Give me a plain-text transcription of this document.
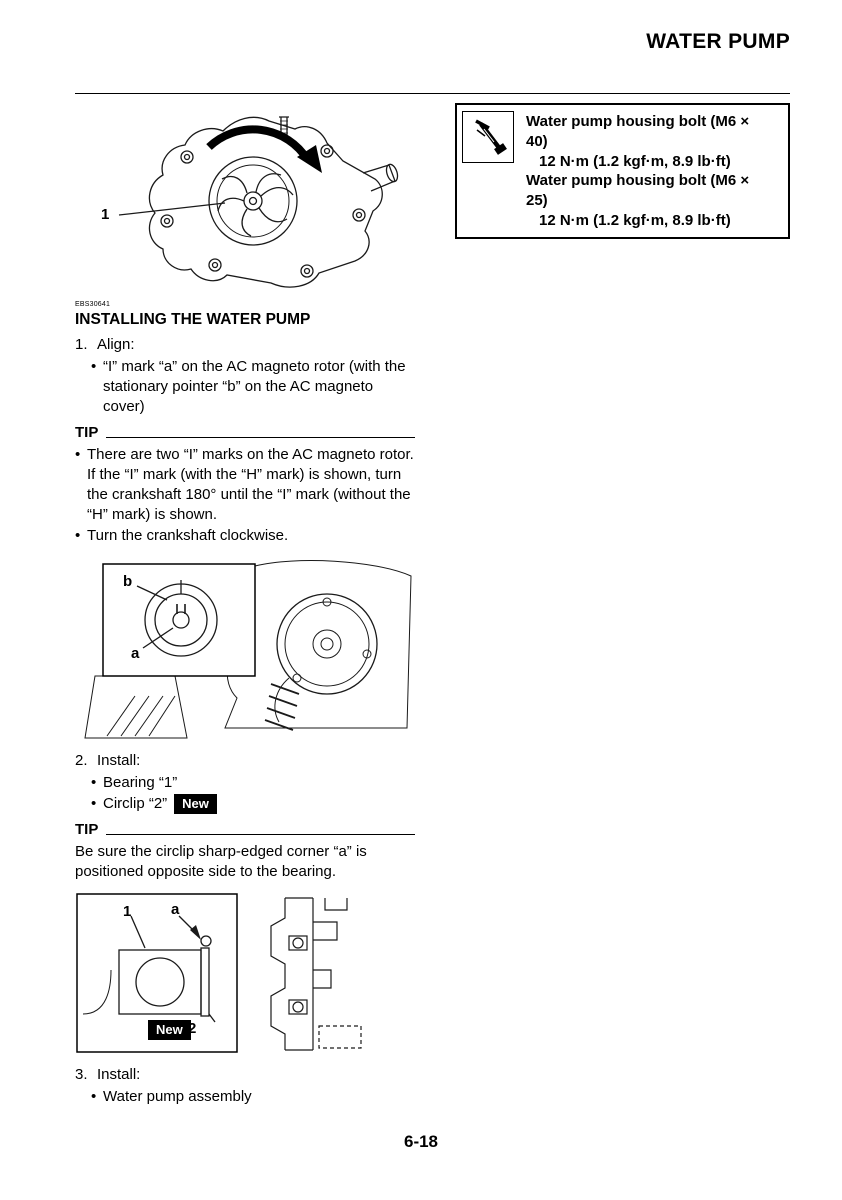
WATER PUMP
1
EBS30641
INSTALLING THE WATER PUMP
1. Align:
• “I” mark “a” on the AC magneto rotor (with the stationary pointer “b” on the AC magneto cover)
TIP
• There are two “I” marks on the AC magneto rotor. If the “I” mark (with the “H” mark) is shown, turn the crankshaft 180° until the “I” mark (without the “H” mark) is shown.
• Turn the crankshaft clockwise.
b
a
2. Install:
• Bearing “1”
• Circlip “2”	New
TIP
Be sure the circlip sharp-edged corner “a” is positioned opposite side to the bearing.
1	a
New 2
3. Install:
• Water pump assembly
Water pump housing bolt (M6 × 40)
12 N·m (1.2 kgf·m, 8.9 lb·ft)
Water pump housing bolt (M6 × 25)
12 N·m (1.2 kgf·m, 8.9 lb·ft)
6-18
